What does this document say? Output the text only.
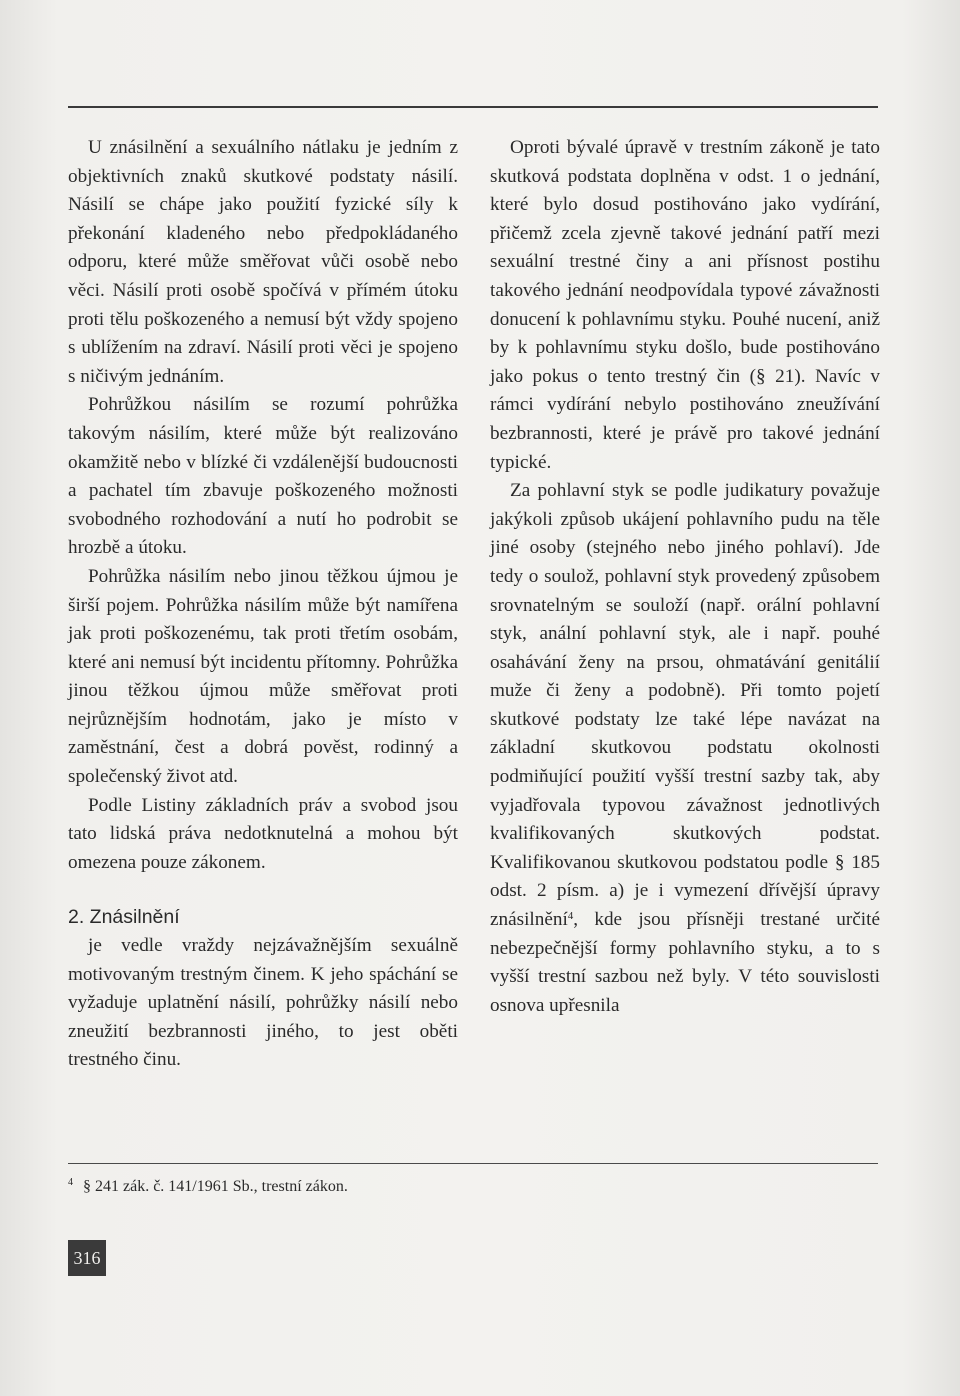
U znásilnění a sexuálního nátlaku je jedním z objektivních znaků skutkové podstaty násilí. Násilí se chápe jako použití fyzické síly k překonání kladeného nebo předpokládaného odporu, které může směřovat vůči osobě nebo věci. Násilí proti osobě spočívá v přímém útoku proti tělu poškozeného a nemusí být vždy spojeno s ublížením na zdraví. Násilí proti věci je spojeno s ničivým jednáním.

Pohrůžkou násilím se rozumí pohrůžka takovým násilím, které může být realizováno okamžitě nebo v blízké či vzdálenější budoucnosti a pachatel tím zbavuje poškozeného možnosti svobodného rozhodování a nutí ho podrobit se hrozbě a útoku.

Pohrůžka násilím nebo jinou těžkou újmou je širší pojem. Pohrůžka násilím může být namířena jak proti poškozenému, tak proti třetím osobám, které ani nemusí být incidentu přítomny. Pohrůžka jinou těžkou újmou může směřovat proti nejrůznějším hodnotám, jako je místo v zaměstnání, čest a dobrá pověst, rodinný a společenský život atd.

Podle Listiny základních práv a svobod jsou tato lidská práva nedotknutelná a mohou být omezena pouze zákonem.

2. Znásilnění

je vedle vraždy nejzávažnějším sexuálně motivovaným trestným činem. K jeho spáchání se vyžaduje uplatnění násilí, pohrůžky násilí nebo zneužití bezbrannosti jiného, to jest oběti trestného činu.

Oproti bývalé úpravě v trestním zákoně je tato skutková podstata doplněna v odst. 1 o jednání, které bylo dosud postihováno jako vydírání, přičemž zcela zjevně takové jednání patří mezi sexuální trestné činy a ani přísnost postihu takového jednání neodpovídala typové závažnosti donucení k pohlavnímu styku. Pouhé nucení, aniž by k pohlavnímu styku došlo, bude postihováno jako pokus o tento trestný čin (§ 21). Navíc v rámci vydírání nebylo postihováno zneužívání bezbrannosti, které je právě pro takové jednání typické.

Za pohlavní styk se podle judikatury považuje jakýkoli způsob ukájení pohlavního pudu na těle jiné osoby (stejného nebo jiného pohlaví). Jde tedy o soulož, pohlavní styk provedený způsobem srovnatelným se souloží (např. orální pohlavní styk, anální pohlavní styk, ale i např. pouhé osahávání ženy na prsou, ohmatávání genitálií muže či ženy a podobně). Při tomto pojetí skutkové podstaty lze také lépe navázat na základní skutkovou podstatu okolnosti podmiňující použití vyšší trestní sazby tak, aby vyjadřovala typovou závažnost jednotlivých kvalifikovaných skutkových podstat. Kvalifikovanou skutkovou podstatou podle § 185 odst. 2 písm. a) je i vymezení dřívější úpravy znásilnění$^4$, kde jsou přísněji trestané určité nebezpečnější formy pohlavního styku, a to s vyšší trestní sazbou než byly. V této souvislosti osnova upřesnila

$^4$ § 241 zák. č. 141/1961 Sb., trestní zákon.
316
